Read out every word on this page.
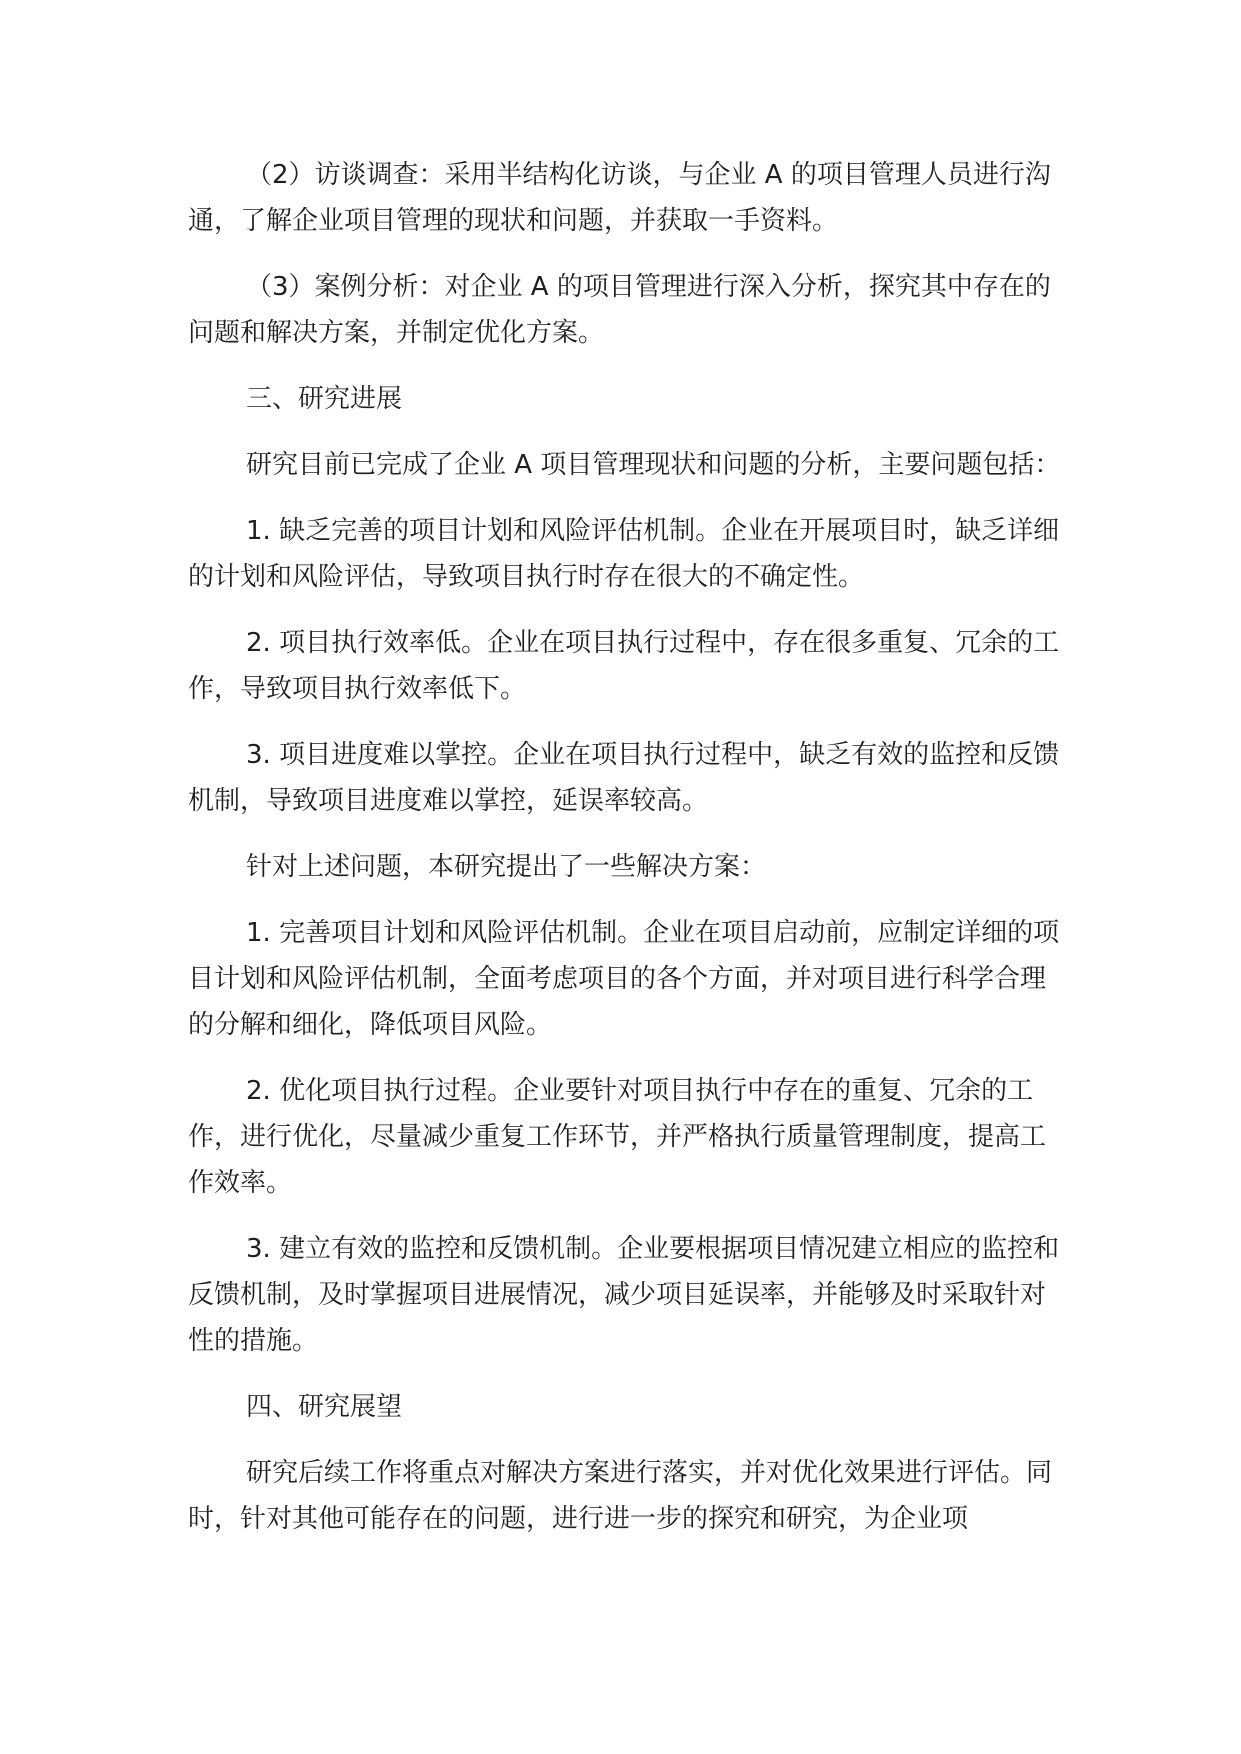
（2）访谈调查：采用半结构化访谈，与企业 A 的项目管理人员进行沟通，了解企业项目管理的现状和问题，并获取一手资料。

（3）案例分析：对企业 A 的项目管理进行深入分析，探究其中存在的问题和解决方案，并制定优化方案。

三、研究进展

研究目前已完成了企业 A 项目管理现状和问题的分析，主要问题包括：

1. 缺乏完善的项目计划和风险评估机制。企业在开展项目时，缺乏详细的计划和风险评估，导致项目执行时存在很大的不确定性。

2. 项目执行效率低。企业在项目执行过程中，存在很多重复、冗余的工作，导致项目执行效率低下。

3. 项目进度难以掌控。企业在项目执行过程中，缺乏有效的监控和反馈机制，导致项目进度难以掌控，延误率较高。

针对上述问题，本研究提出了一些解决方案：

1. 完善项目计划和风险评估机制。企业在项目启动前，应制定详细的项目计划和风险评估机制，全面考虑项目的各个方面，并对项目进行科学合理的分解和细化，降低项目风险。

2. 优化项目执行过程。企业要针对项目执行中存在的重复、冗余的工作，进行优化，尽量减少重复工作环节，并严格执行质量管理制度，提高工作效率。

3. 建立有效的监控和反馈机制。企业要根据项目情况建立相应的监控和反馈机制，及时掌握项目进展情况，减少项目延误率，并能够及时采取针对性的措施。

四、研究展望

研究后续工作将重点对解决方案进行落实，并对优化效果进行评估。同时，针对其他可能存在的问题，进行进一步的探究和研究，为企业项
